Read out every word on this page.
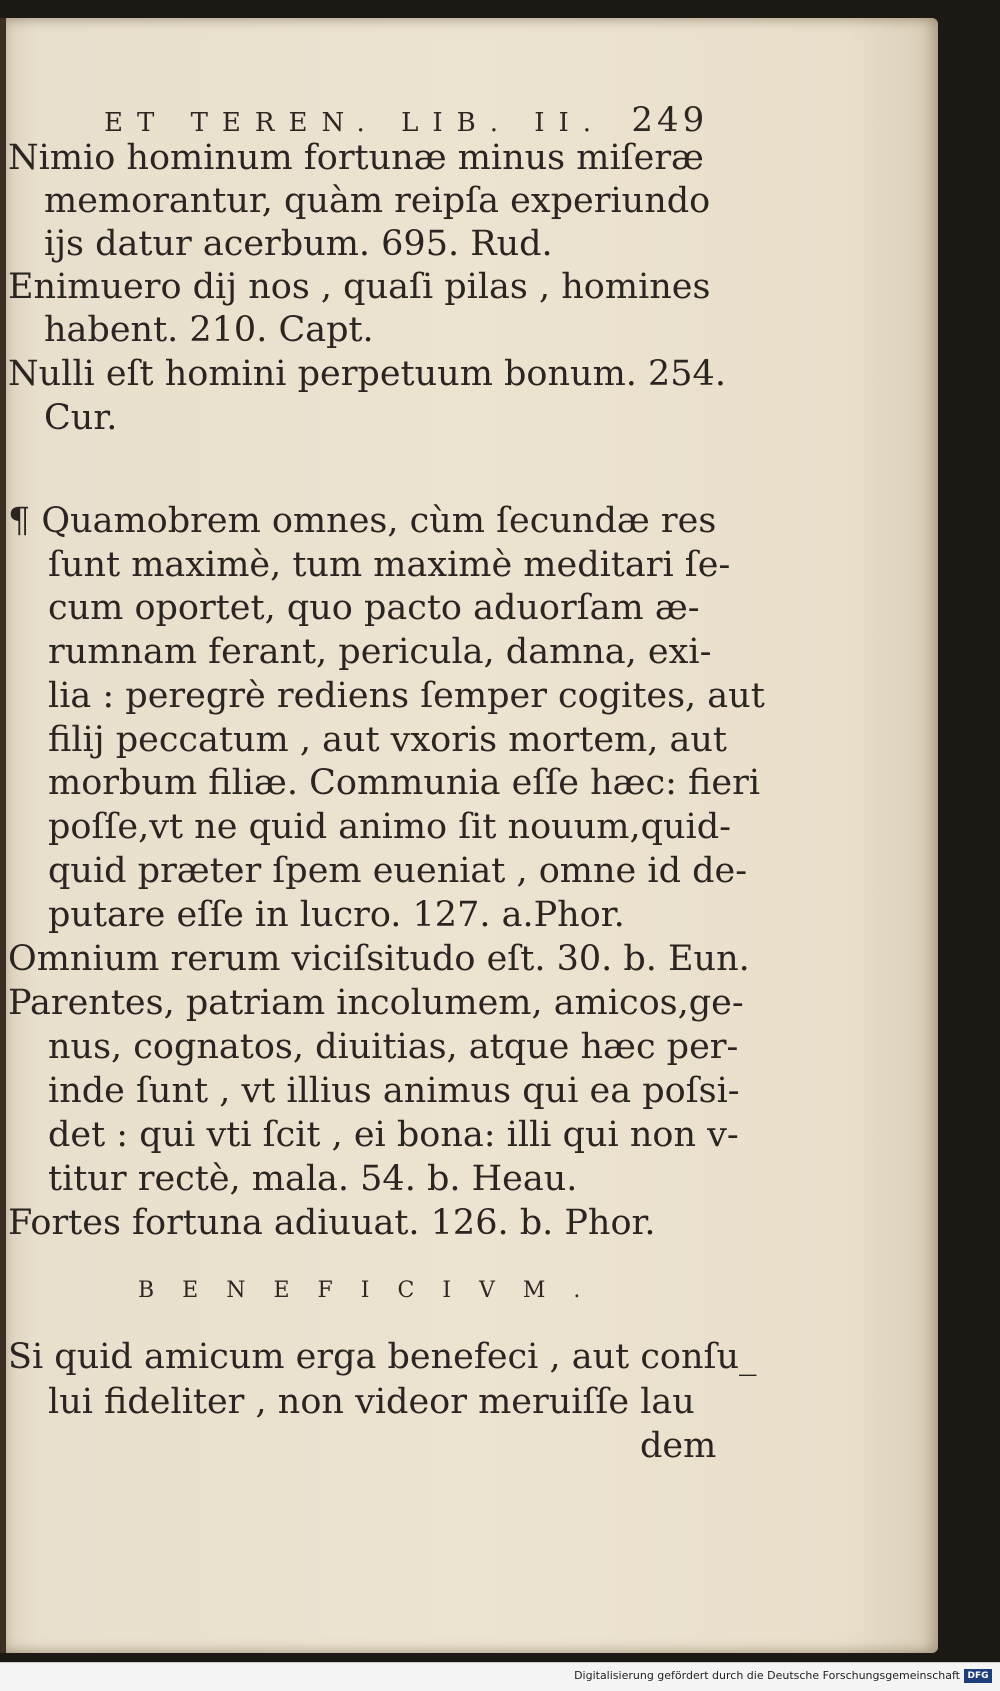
ET TEREN. LIB. II. 249
Nimio hominum fortunæ minus miſeræ
memorantur, quàm reipſa experiundo
ijs datur acerbum. 695. Rud.
Enimuero dij nos , quaſi pilas , homines
habent. 210. Capt.
Nulli eſt homini perpetuum bonum. 254.
Cur.
¶ Quamobrem omnes, cùm ſecundæ res
ſunt maximè, tum maximè meditari ſe-
cum oportet, quo pacto aduorſam æ-
rumnam ferant, pericula, damna, exi-
lia : peregrè rediens ſemper cogites, aut
filij peccatum , aut vxoris mortem, aut
morbum filiæ. Communia eſſe hæc: fieri
poſſe,vt ne quid animo ſit nouum,quid-
quid præter ſpem eueniat , omne id de-
putare eſſe in lucro. 127. a.Phor.
Omnium rerum viciſsitudo eſt. 30. b. Eun.
Parentes, patriam incolumem, amicos,ge-
nus, cognatos, diuitias, atque hæc per-
inde ſunt , vt illius animus qui ea poſsi-
det : qui vti ſcit , ei bona: illi qui non v-
titur rectè, mala. 54. b. Heau.
Fortes fortuna adiuuat. 126. b. Phor.
BENEFICIVM.
Si quid amicum erga benefeci , aut conſu_
lui fideliter , non videor meruiſſe lau
dem
Digitalisierung gefördert durch die Deutsche Forschungsgemeinschaft DFG
